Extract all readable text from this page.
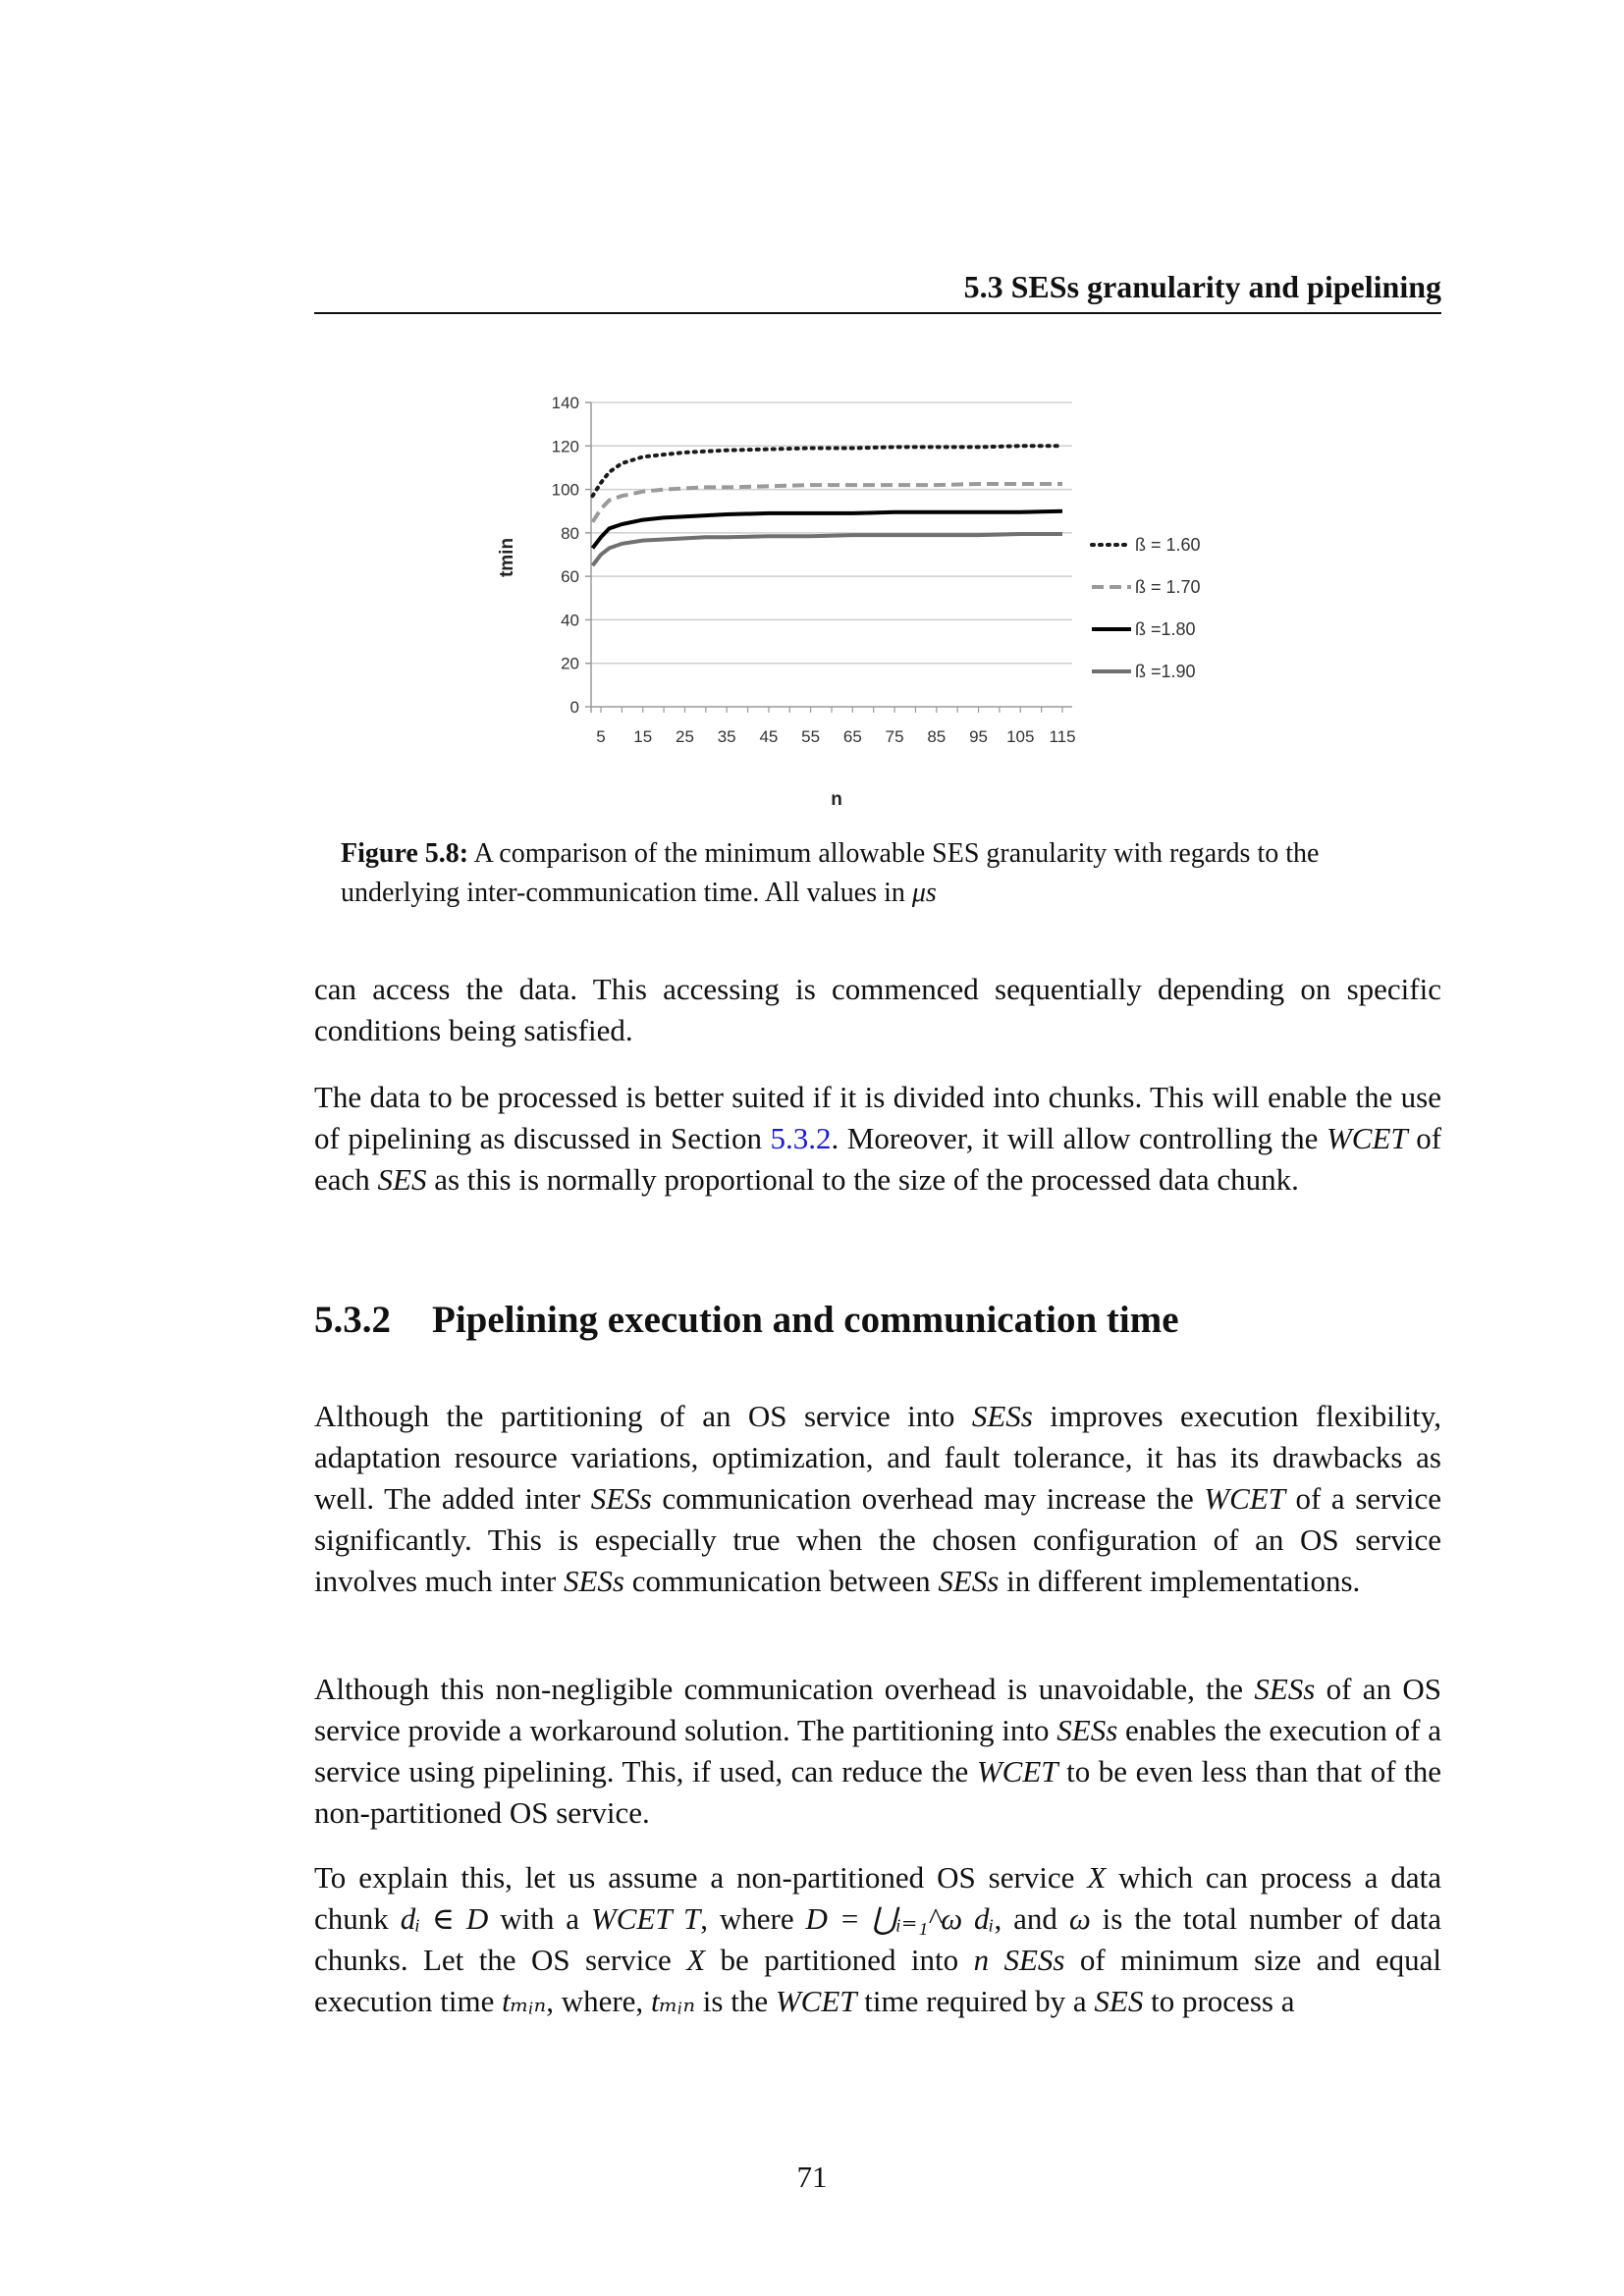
5.3 SESs granularity and pipelining
0
20
40
60
80
100
120
140
5 15 25 35 45 55 65 75 85 95 105 115
ß = 1.60
ß = 1.70
ß =1.80
ß =1.90
tmin
n
Figure 5.8: A comparison of the minimum allowable SES granularity with regards to the underlying inter-communication time. All values in μs

can access the data. This accessing is commenced sequentially depending on specific conditions being satisfied.

The data to be processed is better suited if it is divided into chunks. This will enable the use of pipelining as discussed in Section 5.3.2. Moreover, it will allow controlling the WCET of each SES as this is normally proportional to the size of the processed data chunk.

5.3.2 Pipelining execution and communication time

Although the partitioning of an OS service into SESs improves execution flexibility, adaptation resource variations, optimization, and fault tolerance, it has its drawbacks as well. The added inter SESs communication overhead may increase the WCET of a service significantly. This is especially true when the chosen configuration of an OS service involves much inter SESs communication between SESs in different implementations.

Although this non-negligible communication overhead is unavoidable, the SESs of an OS service provide a workaround solution. The partitioning into SESs enables the execution of a service using pipelining. This, if used, can reduce the WCET to be even less than that of the non-partitioned OS service.

To explain this, let us assume a non-partitioned OS service X which can process a data chunk dᵢ ∈ D with a WCET T, where D = ⋃ᵢ₌₁^ω dᵢ, and ω is the total number of data chunks. Let the OS service X be partitioned into n SESs of minimum size and equal execution time tₘᵢₙ, where, tₘᵢₙ is the WCET time required by a SES to process a

71
